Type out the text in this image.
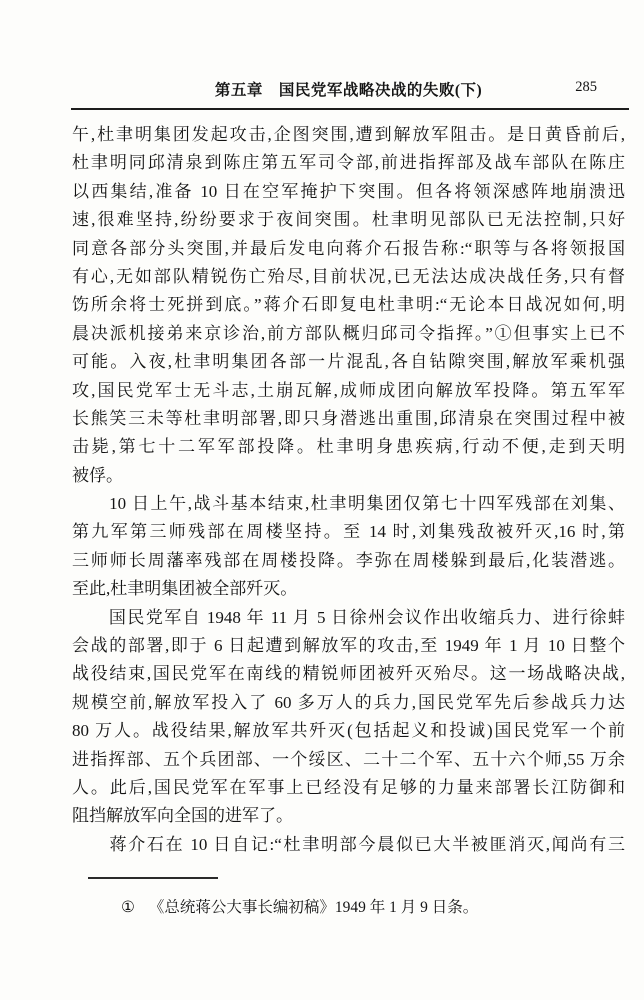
第五章　国民党军战略决战的失败(下)	285
午,杜聿明集团发起攻击,企图突围,遭到解放军阻击。是日黄昏前后,
杜聿明同邱清泉到陈庄第五军司令部,前进指挥部及战车部队在陈庄
以西集结,准备 10 日在空军掩护下突围。但各将领深感阵地崩溃迅
速,很难坚持,纷纷要求于夜间突围。杜聿明见部队已无法控制,只好
同意各部分头突围,并最后发电向蒋介石报告称:“职等与各将领报国
有心,无如部队精锐伤亡殆尽,目前状况,已无法达成决战任务,只有督
饬所余将士死拼到底。”蒋介石即复电杜聿明:“无论本日战况如何,明
晨决派机接弟来京诊治,前方部队概归邱司令指挥。”①但事实上已不
可能。入夜,杜聿明集团各部一片混乱,各自钻隙突围,解放军乘机强
攻,国民党军士无斗志,土崩瓦解,成师成团向解放军投降。第五军军
长熊笑三未等杜聿明部署,即只身潜逃出重围,邱清泉在突围过程中被
击毙,第七十二军军部投降。杜聿明身患疾病,行动不便,走到天明
被俘。
　　10 日上午,战斗基本结束,杜聿明集团仅第七十四军残部在刘集、
第九军第三师残部在周楼坚持。至 14 时,刘集残敌被歼灭,16 时,第
三师师长周藩率残部在周楼投降。李弥在周楼躲到最后,化装潜逃。
至此,杜聿明集团被全部歼灭。
　　国民党军自 1948 年 11 月 5 日徐州会议作出收缩兵力、进行徐蚌
会战的部署,即于 6 日起遭到解放军的攻击,至 1949 年 1 月 10 日整个
战役结束,国民党军在南线的精锐师团被歼灭殆尽。这一场战略决战,
规模空前,解放军投入了 60 多万人的兵力,国民党军先后参战兵力达
80 万人。战役结果,解放军共歼灭(包括起义和投诚)国民党军一个前
进指挥部、五个兵团部、一个绥区、二十二个军、五十六个师,55 万余
人。此后,国民党军在军事上已经没有足够的力量来部署长江防御和
阻挡解放军向全国的进军了。
　　蒋介石在 10 日自记:“杜聿明部今晨似已大半被匪消灭,闻尚有三
① 《总统蒋公大事长编初稿》1949 年 1 月 9 日条。
